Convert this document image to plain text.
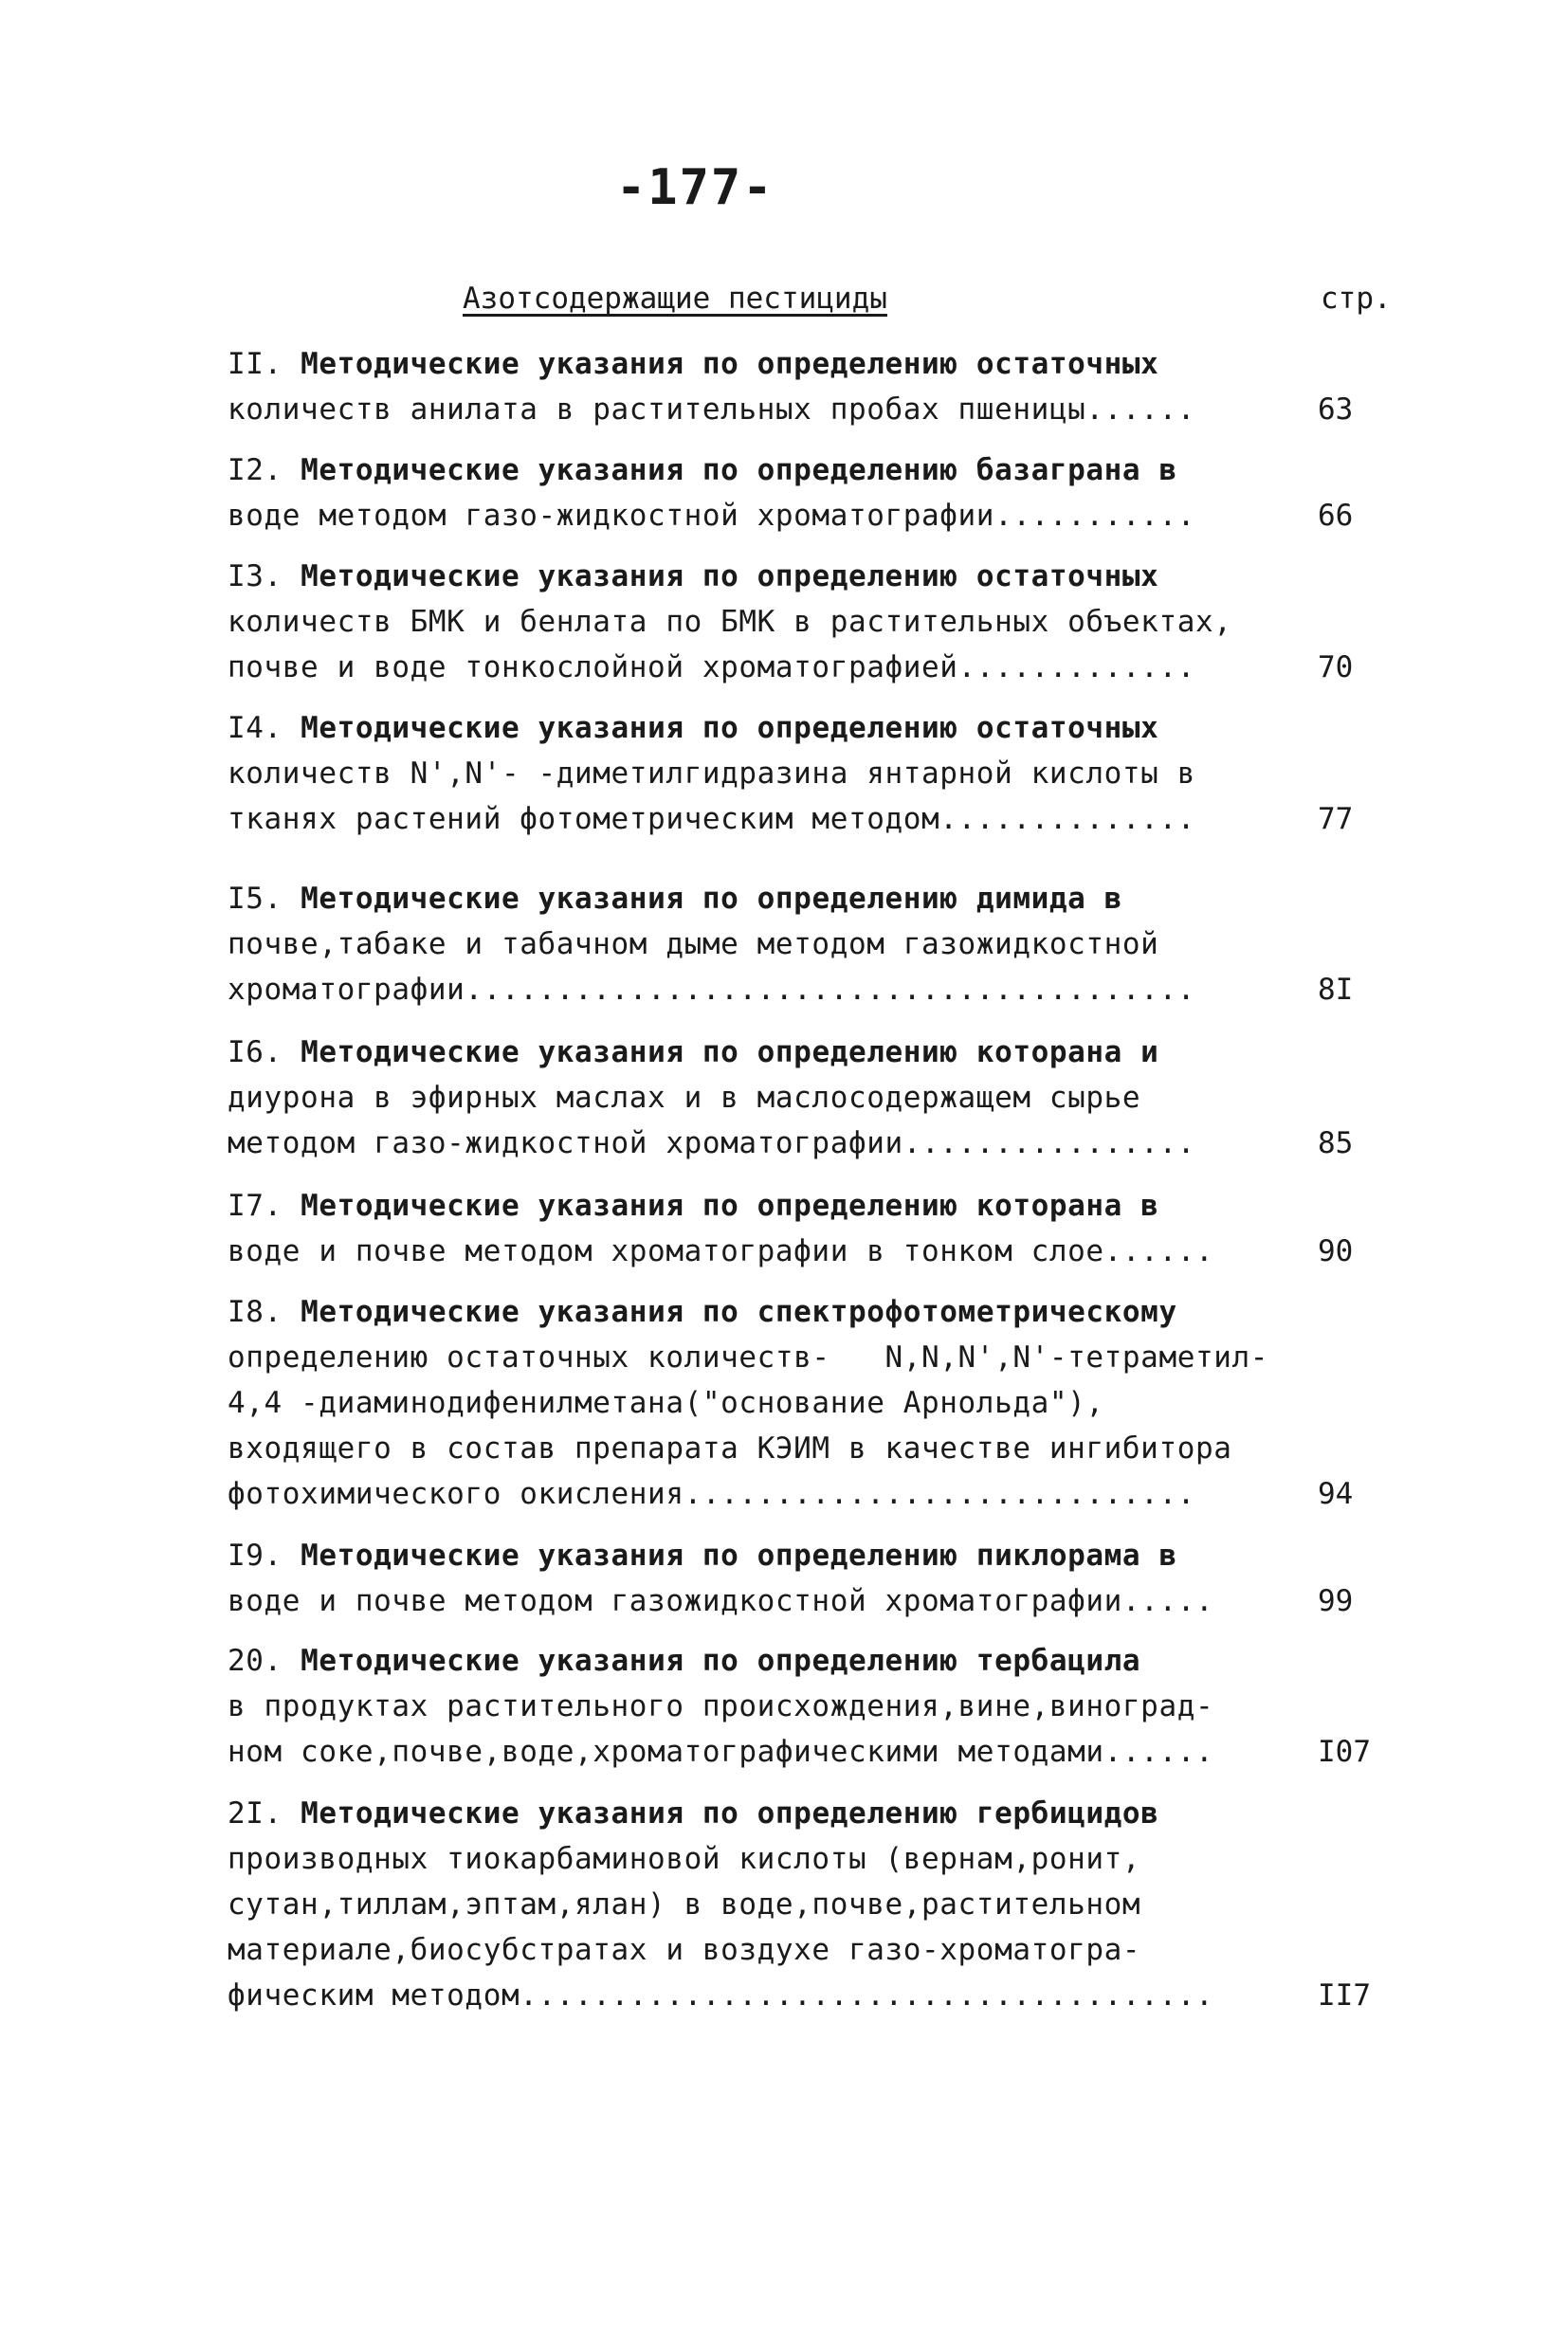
-177-
Азотсодержащие пестициды	стр.
II. Методические указания по определению остаточных
количеств анилата в растительных пробах пшеницы......	63
I2. Методические указания по определению базаграна в
воде методом газо-жидкостной хроматографии...........	66
I3. Методические указания по определению остаточных
количеств БМК и бенлата по БМК в растительных объектах,
почве и воде тонкослойной хроматографией.............	70
I4. Методические указания по определению остаточных
количеств N',N'- -диметилгидразина янтарной кислоты в
тканях растений фотометрическим методом..............	77
I5. Методические указания по определению димида в
почве,табаке и табачном дыме методом газожидкостной
хроматографии........................................	8I
I6. Методические указания по определению которана и
диурона в эфирных маслах и в маслосодержащем сырье
методом газо-жидкостной хроматографии................	85
I7. Методические указания по определению которана в
воде и почве методом хроматографии в тонком слое......	90
I8. Методические указания по спектрофотометрическому
определению остаточных количеств-   N,N,N',N'-тетраметил-
4,4 -диаминодифенилметана("основание Арнольда"),
входящего в состав препарата КЭИМ в качестве ингибитора
фотохимического окисления............................	94
I9. Методические указания по определению пиклорама в
воде и почве методом газожидкостной хроматографии.....	99
20. Методические указания по определению тербацила
в продуктах растительного происхождения,вине,виноград-
ном соке,почве,воде,хроматографическими методами......	I07
2I. Методические указания по определению гербицидов
производных тиокарбаминовой кислоты (вернам,ронит,
сутан,тиллам,эптам,ялан) в воде,почве,растительном
материале,биосубстратах и воздухе газо-хроматогра-
фическим методом......................................	II7
